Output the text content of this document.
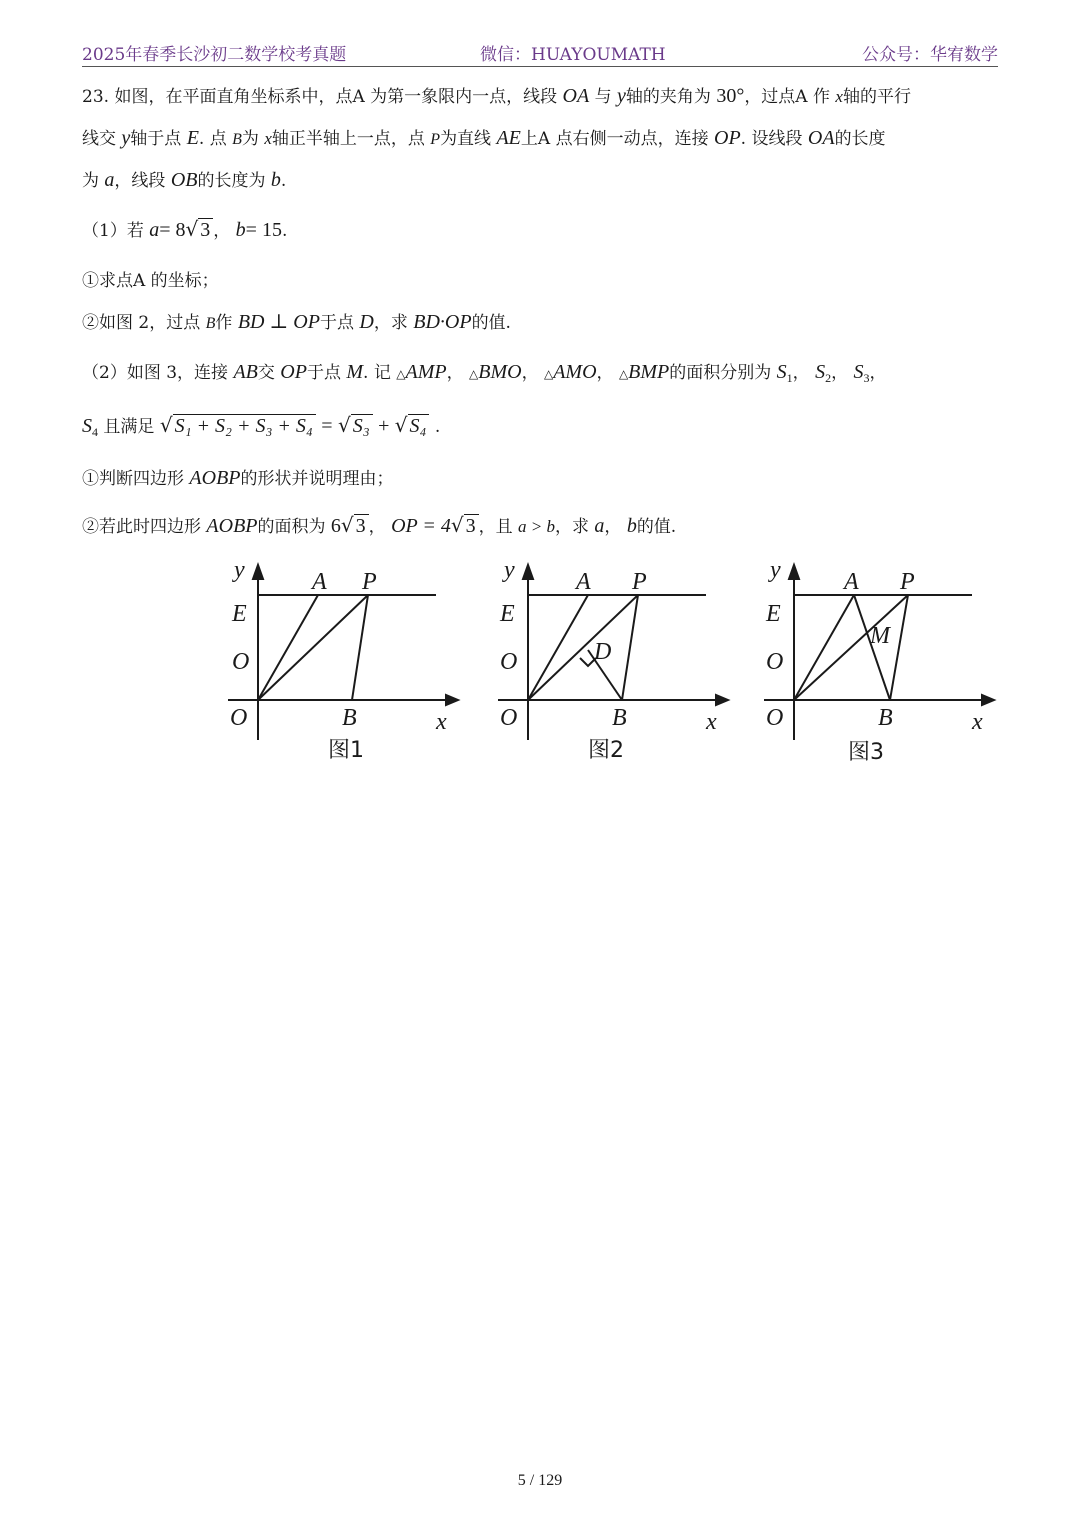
2025年春季长沙初二数学校考真题	微信：HUAYOUMATH	公众号：华宥数学
23. 如图，在平面直角坐标系中，点A 为第一象限内一点，线段 OA 与 y轴的夹角为 30°，过点A 作 x轴的平行
线交 y轴于点 E. 点 B为 x轴正半轴上一点，点 P为直线 AE上A 点右侧一动点，连接 OP. 设线段 OA的长度
为 a，线段 OB的长度为 b.
（1）若 a= 8√ 3 ， b= 15.
①求点A 的坐标；
②如图 2，过点 B作 BD ⊥ OP于点 D，求 BD·OP的值.
（2）如图 3，连接 AB交 OP于点 M. 记 △AMP， △BMO， △AMO， △BMP的面积分别为 $S_1$， $S_2$， $S_3$，
$S_4$ 且满足 √ S₁ + S₂ + S₃ + S₄ = √ S₃ + √ S₄ .
①判断四边形 AOBP的形状并说明理由；
②若此时四边形 AOBP的面积为 6√ 3 ， OP = 4√ 3 ，且 a > b，求 a， b的值.
y	A P
E
O
O	B	x
图1
y	A P
E
O	D
O	B	x
图2
y	A P
E
O
M
O	B	x
图3
5 / 129
